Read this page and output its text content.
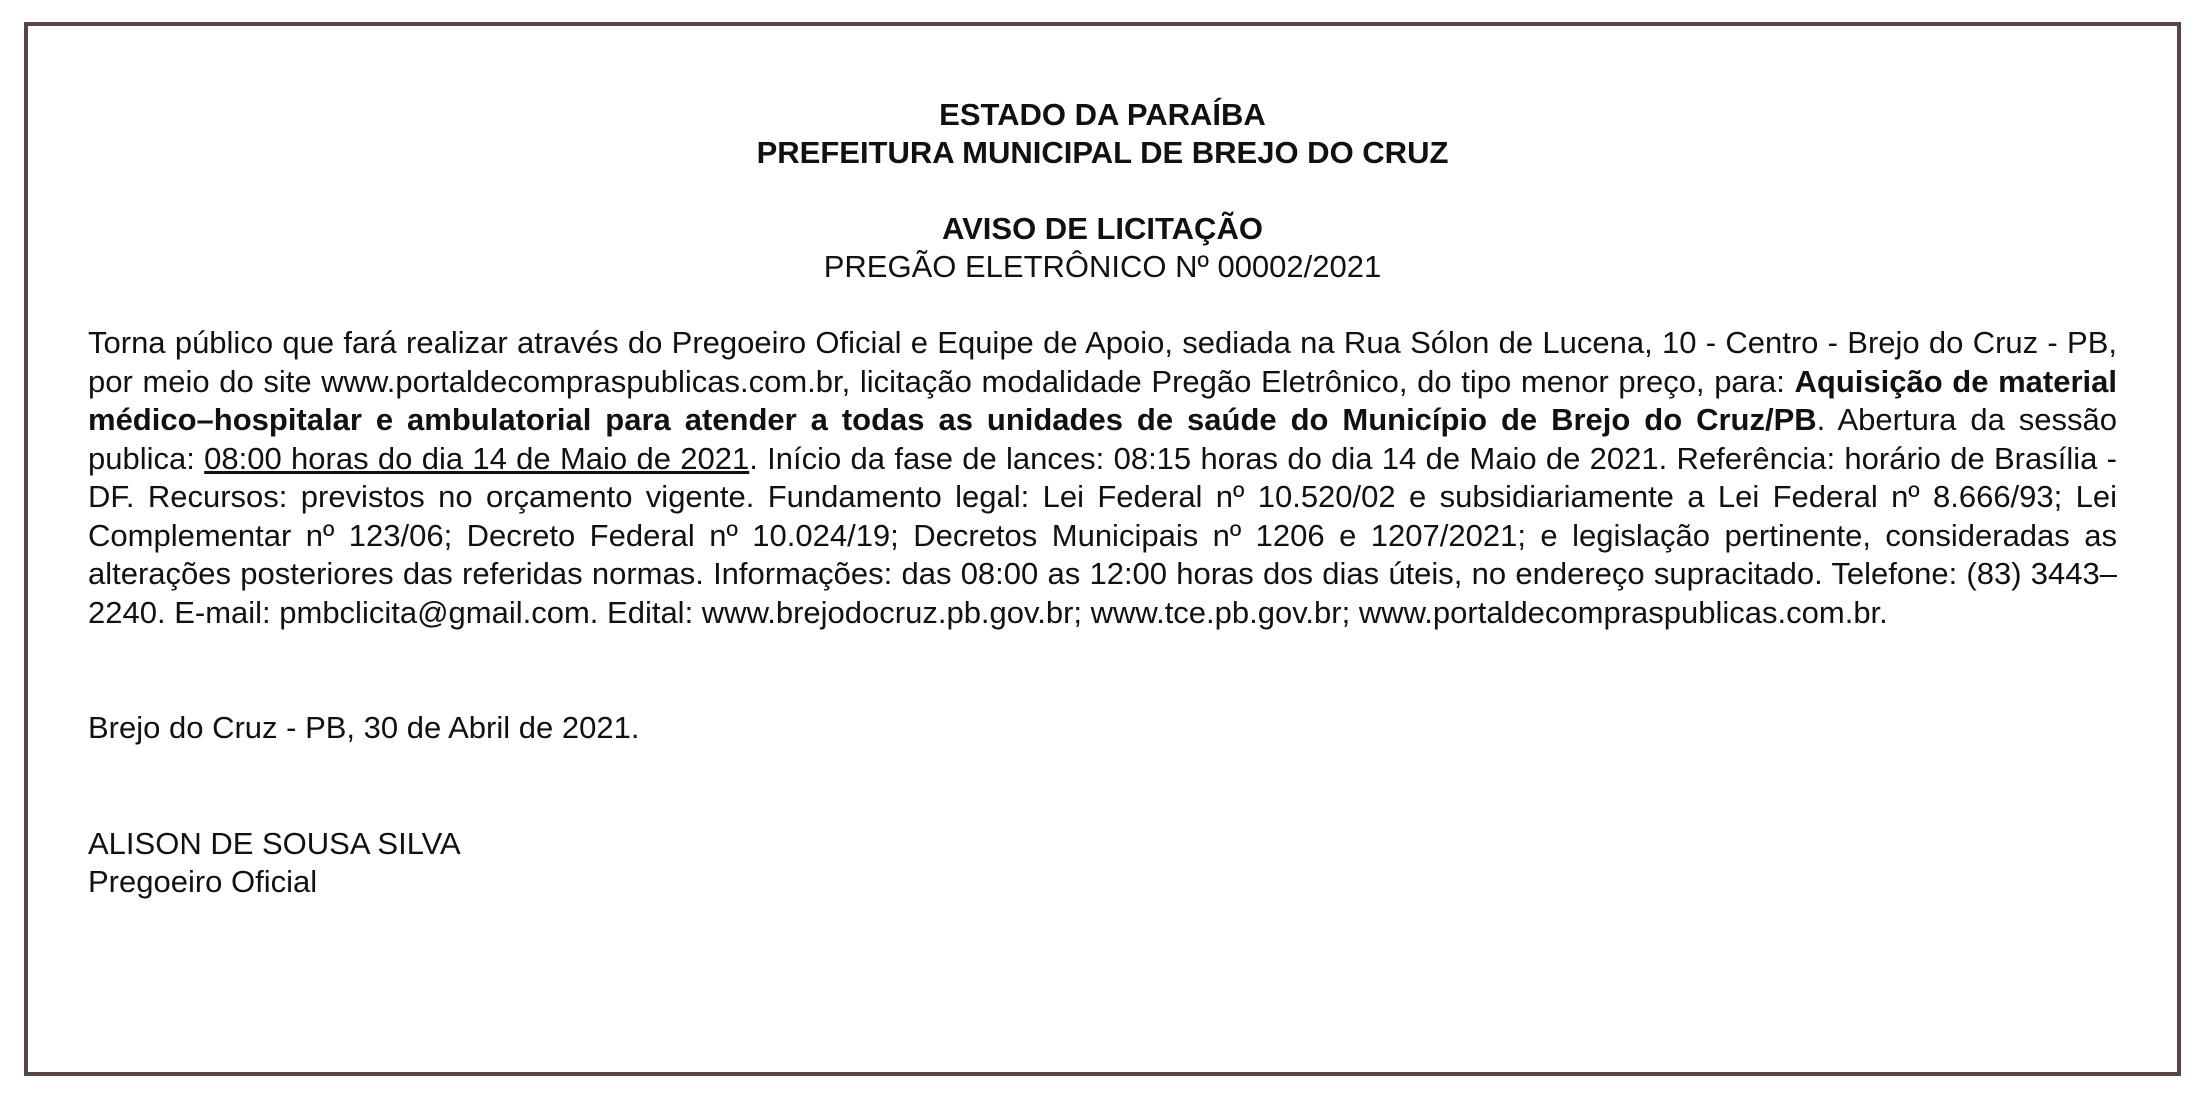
ESTADO DA PARAÍBA
PREFEITURA MUNICIPAL DE BREJO DO CRUZ
AVISO DE LICITAÇÃO
PREGÃO ELETRÔNICO Nº 00002/2021

Torna público que fará realizar através do Pregoeiro Oficial e Equipe de Apoio, sediada na Rua Sólon de Lucena, 10 - Centro - Brejo do Cruz - PB, por meio do site www.portaldecompraspublicas.com.br, licitação modalidade Pregão Eletrônico, do tipo menor preço, para: Aquisição de material médico–hospitalar e ambulatorial para atender a todas as unidades de saúde do Município de Brejo do Cruz/PB. Abertura da sessão publica: 08:00 horas do dia 14 de Maio de 2021. Início da fase de lances: 08:15 horas do dia 14 de Maio de 2021. Referência: horário de Brasília - DF. Recursos: previstos no orçamento vigente. Fundamento legal: Lei Federal nº 10.520/02 e subsidiariamente a Lei Federal nº 8.666/93; Lei Complementar nº 123/06; Decreto Federal nº 10.024/19; Decretos Municipais nº 1206 e 1207/2021; e legislação pertinente, consideradas as alterações posteriores das referidas normas. Informações: das 08:00 as 12:00 horas dos dias úteis, no endereço supracitado. Telefone: (83) 3443–2240. E-mail: pmbclicita@gmail.com. Edital: www.brejodocruz.pb.gov.br; www.tce.pb.gov.br; www.portaldecompraspublicas.com.br.

Brejo do Cruz - PB, 30 de Abril de 2021.

ALISON DE SOUSA SILVA

Pregoeiro Oficial
